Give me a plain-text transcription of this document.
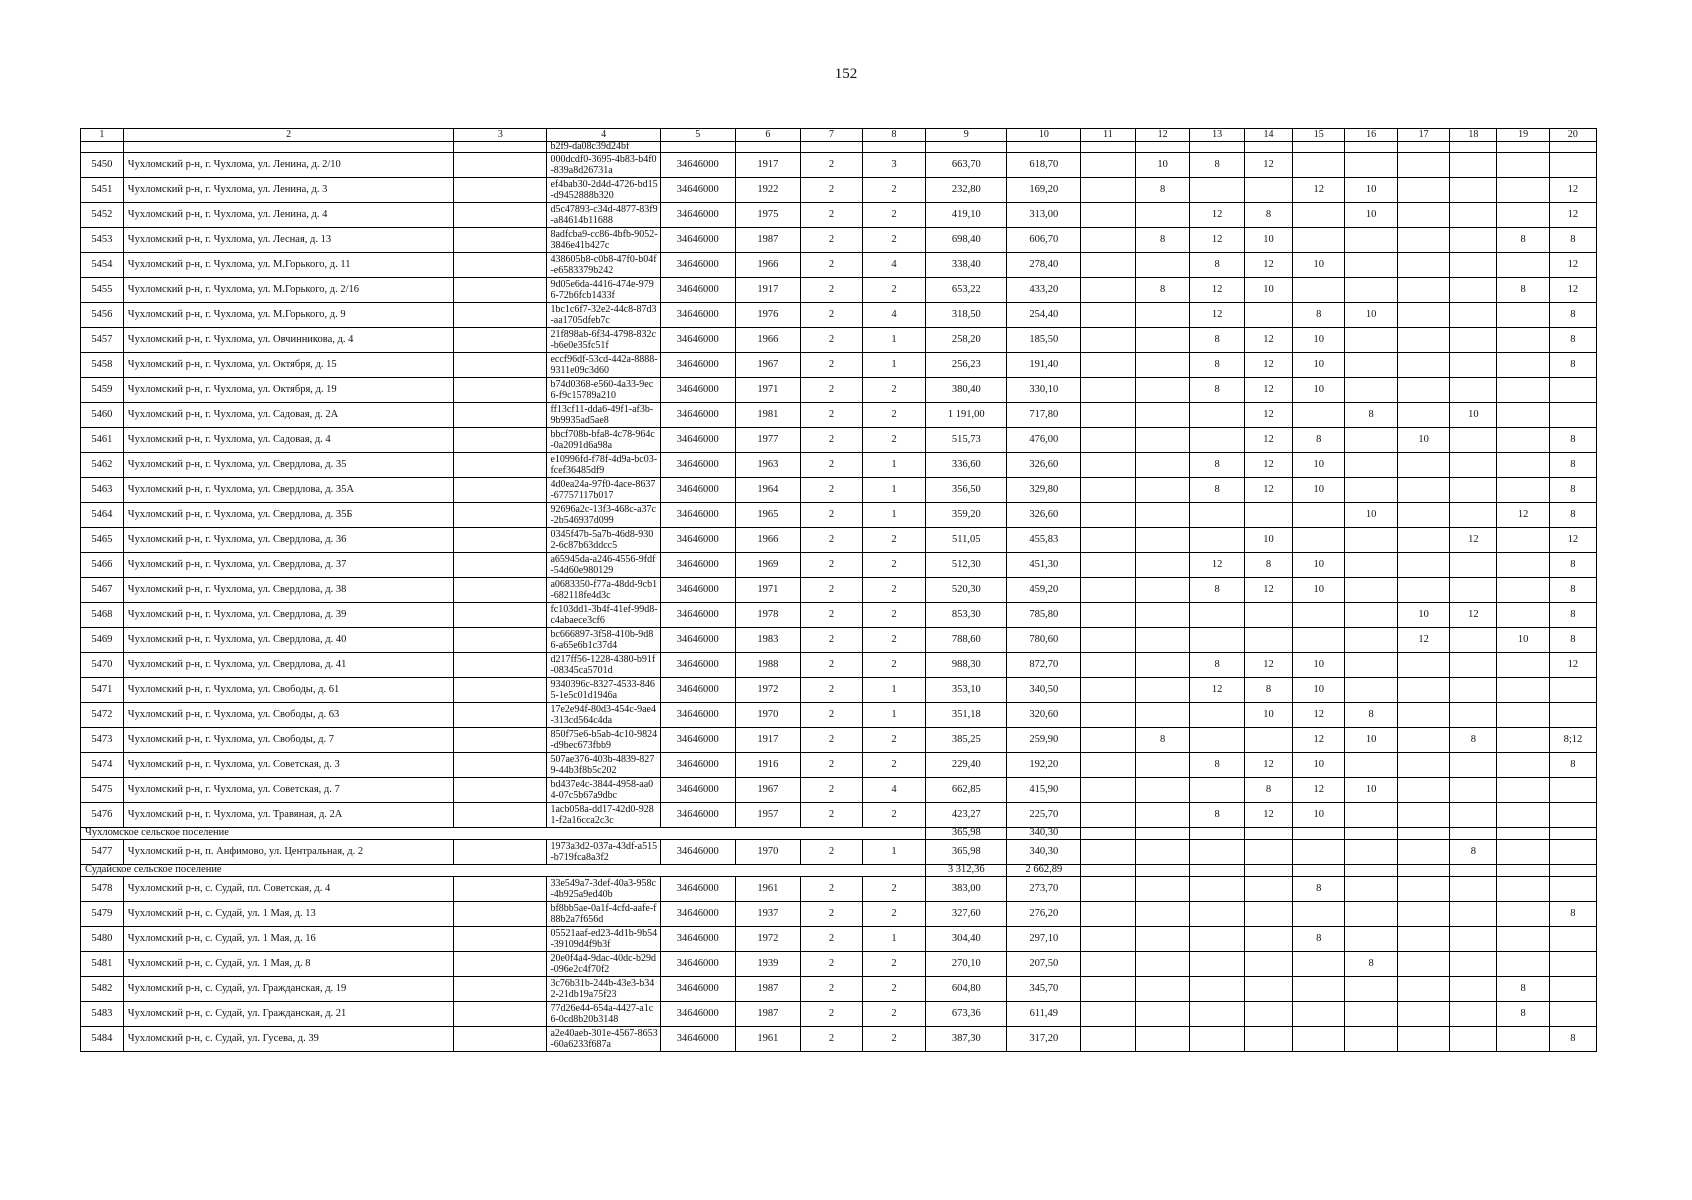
152
1	2	3	4	5	6	7	8	9	10	11	12	13	14	15	16	17	18	19	20
			b2f9-da08c39d24bf																
5450	Чухломский р-н, г. Чухлома, ул. Ленина, д. 2/10		000dcdf0-3695-4b83-b4f0-839a8d26731a	34646000	1917	2	3	663,70	618,70		10	8	12						
5451	Чухломский р-н, г. Чухлома, ул. Ленина, д. 3		ef4bab30-2d4d-4726-bd15-d9452888b320	34646000	1922	2	2	232,80	169,20		8			12	10				12
5452	Чухломский р-н, г. Чухлома, ул. Ленина, д. 4		d5c47893-c34d-4877-83f9-a84614b11688	34646000	1975	2	2	419,10	313,00			12	8		10				12
5453	Чухломский р-н, г. Чухлома, ул. Лесная, д. 13		8adfcba9-cc86-4bfb-9052-3846e41b427c	34646000	1987	2	2	698,40	606,70		8	12	10					8	8
5454	Чухломский р-н, г. Чухлома, ул. М.Горького, д. 11		438605b8-c0b8-47f0-b04f-e6583379b242	34646000	1966	2	4	338,40	278,40			8	12	10					12
5455	Чухломский р-н, г. Чухлома, ул. М.Горького, д. 2/16		9d05e6da-4416-474e-9796-72b6fcb1433f	34646000	1917	2	2	653,22	433,20		8	12	10					8	12
5456	Чухломский р-н, г. Чухлома, ул. М.Горького, д. 9		1bc1c6f7-32e2-44c8-87d3-aa1705dfeb7c	34646000	1976	2	4	318,50	254,40			12		8	10				8
5457	Чухломский р-н, г. Чухлома, ул. Овчинникова, д. 4		21f898ab-6f34-4798-832c-b6e0e35fc51f	34646000	1966	2	1	258,20	185,50			8	12	10					8
5458	Чухломский р-н, г. Чухлома, ул. Октября, д. 15		eccf96df-53cd-442a-8888-9311e09c3d60	34646000	1967	2	1	256,23	191,40			8	12	10					8
5459	Чухломский р-н, г. Чухлома, ул. Октября, д. 19		b74d0368-e560-4a33-9ec6-f9c15789a210	34646000	1971	2	2	380,40	330,10			8	12	10					
5460	Чухломский р-н, г. Чухлома, ул. Садовая, д. 2А		ff13cf11-dda6-49f1-af3b-9b9935ad5ae8	34646000	1981	2	2	1 191,00	717,80				12		8		10		
5461	Чухломский р-н, г. Чухлома, ул. Садовая, д. 4		bbcf708b-bfa8-4c78-964c-0a2091d6a98a	34646000	1977	2	2	515,73	476,00				12	8		10			8
5462	Чухломский р-н, г. Чухлома, ул. Свердлова, д. 35		e10996fd-f78f-4d9a-bc03-fcef36485df9	34646000	1963	2	1	336,60	326,60			8	12	10					8
5463	Чухломский р-н, г. Чухлома, ул. Свердлова, д. 35А		4d0ea24a-97f0-4ace-8637-67757117b017	34646000	1964	2	1	356,50	329,80			8	12	10					8
5464	Чухломский р-н, г. Чухлома, ул. Свердлова, д. 35Б		92696a2c-13f3-468c-a37c-2b546937d099	34646000	1965	2	1	359,20	326,60						10			12	8
5465	Чухломский р-н, г. Чухлома, ул. Свердлова, д. 36		0345f47b-5a7b-46d8-9302-6c87b63ddcc5	34646000	1966	2	2	511,05	455,83				10				12		12
5466	Чухломский р-н, г. Чухлома, ул. Свердлова, д. 37		a65945da-a246-4556-9fdf-54d60e980129	34646000	1969	2	2	512,30	451,30			12	8	10					8
5467	Чухломский р-н, г. Чухлома, ул. Свердлова, д. 38		a0683350-f77a-48dd-9cb1-682118fe4d3c	34646000	1971	2	2	520,30	459,20			8	12	10					8
5468	Чухломский р-н, г. Чухлома, ул. Свердлова, д. 39		fc103dd1-3b4f-41ef-99d8-c4abaece3cf6	34646000	1978	2	2	853,30	785,80							10	12		8
5469	Чухломский р-н, г. Чухлома, ул. Свердлова, д. 40		bc666897-3f58-410b-9d86-a65e6b1c37d4	34646000	1983	2	2	788,60	780,60							12		10	8
5470	Чухломский р-н, г. Чухлома, ул. Свердлова, д. 41		d217ff56-1228-4380-b91f-08345ca5701d	34646000	1988	2	2	988,30	872,70			8	12	10					12
5471	Чухломский р-н, г. Чухлома, ул. Свободы, д. 61		9340396c-8327-4533-8465-1e5c01d1946a	34646000	1972	2	1	353,10	340,50			12	8	10					
5472	Чухломский р-н, г. Чухлома, ул. Свободы, д. 63		17e2e94f-80d3-454c-9ae4-313cd564c4da	34646000	1970	2	1	351,18	320,60				10	12	8				
5473	Чухломский р-н, г. Чухлома, ул. Свободы, д. 7		850f75e6-b5ab-4c10-9824-d9bec673fbb9	34646000	1917	2	2	385,25	259,90		8			12	10		8		8;12
5474	Чухломский р-н, г. Чухлома, ул. Советская, д. 3		507ae376-403b-4839-8279-44b3f8b5c202	34646000	1916	2	2	229,40	192,20			8	12	10					8
5475	Чухломский р-н, г. Чухлома, ул. Советская, д. 7		bd437e4c-3844-4958-aa04-07c5b67a9dbc	34646000	1967	2	4	662,85	415,90				8	12	10				
5476	Чухломский р-н, г. Чухлома, ул. Травяная, д. 2А		1acb058a-dd17-42d0-9281-f2a16cca2c3c	34646000	1957	2	2	423,27	225,70			8	12	10					
Чухломское сельское поселение								365,98	340,30										
5477	Чухломский р-н, п. Анфимово, ул. Центральная, д. 2		1973a3d2-037a-43df-a515-b719fca8a3f2	34646000	1970	2	1	365,98	340,30								8		
Судайское сельское поселение								3 312,36	2 662,89										
5478	Чухломский р-н, с. Судай, пл. Советская, д. 4		33e549a7-3def-40a3-958c-4b925a9ed40b	34646000	1961	2	2	383,00	273,70					8					
5479	Чухломский р-н, с. Судай, ул. 1 Мая, д. 13		bf8bb5ae-0a1f-4cfd-aafe-f88b2a7f656d	34646000	1937	2	2	327,60	276,20										8
5480	Чухломский р-н, с. Судай, ул. 1 Мая, д. 16		05521aaf-ed23-4d1b-9b54-39109d4f9b3f	34646000	1972	2	1	304,40	297,10					8					
5481	Чухломский р-н, с. Судай, ул. 1 Мая, д. 8		20e0f4a4-9dac-40dc-b29d-096e2c4f70f2	34646000	1939	2	2	270,10	207,50						8				
5482	Чухломский р-н, с. Судай, ул. Гражданская, д. 19		3c76b31b-244b-43e3-b342-21db19a75f23	34646000	1987	2	2	604,80	345,70									8	
5483	Чухломский р-н, с. Судай, ул. Гражданская, д. 21		77d26e44-654a-4427-a1c6-0cd8b20b3148	34646000	1987	2	2	673,36	611,49									8	
5484	Чухломский р-н, с. Судай, ул. Гусева, д. 39		a2e40aeb-301e-4567-8653-60a6233f687a	34646000	1961	2	2	387,30	317,20										8
